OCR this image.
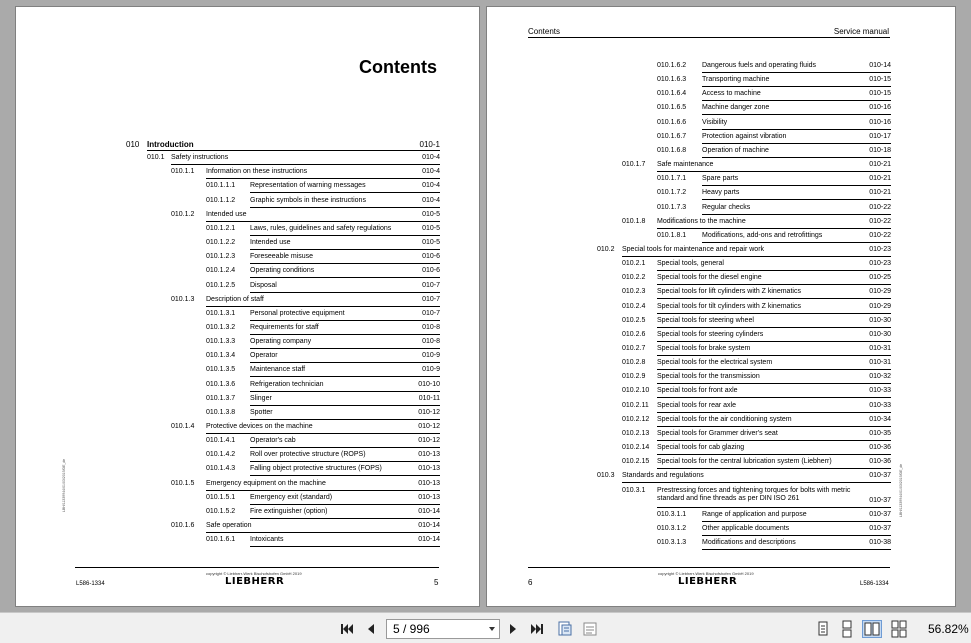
Contents
010 Introduction	010-1
010.1 Safety instructions	010-4
010.1.1 Information on these instructions	010-4
010.1.1.1 Representation of warning messages	010-4
010.1.1.2 Graphic symbols in these instructions	010-4
010.1.2 Intended use	010-5
010.1.2.1 Laws, rules, guidelines and safety regulations	010-5
010.1.2.2 Intended use	010-5
010.1.2.3 Foreseeable misuse	010-6
010.1.2.4 Operating conditions	010-6
010.1.2.5 Disposal	010-7
010.1.3 Description of staff	010-7
010.1.3.1 Personal protective equipment	010-7
010.1.3.2 Requirements for staff	010-8
010.1.3.3 Operating company	010-8
010.1.3.4 Operator	010-9
010.1.3.5 Maintenance staff	010-9
010.1.3.6 Refrigeration technician	010-10
010.1.3.7 Slinger	010-11
010.1.3.8 Spotter	010-12
010.1.4 Protective devices on the machine	010-12
010.1.4.1 Operator's cab	010-12
010.1.4.2 Roll over protective structure (ROPS)	010-13
010.1.4.3 Falling object protective structures (FOPS)	010-13
010.1.5 Emergency equipment on the machine	010-13
010.1.5.1 Emergency exit (standard)	010-13
010.1.5.2 Fire extinguisher (option)	010-14
010.1.6 Safe operation	010-14
010.1.6.1 Intoxicants	010-14
LBH/11339944/01/03/2019/DE_de
copyright © Liebherr-Werk Bischofshofen GmbH 2019
LIEBHERR
L586-1334	5
Contents	Service manual
010.1.6.2 Dangerous fuels and operating fluids	010-14
010.1.6.3 Transporting machine	010-15
010.1.6.4 Access to machine	010-15
010.1.6.5 Machine danger zone	010-16
010.1.6.6 Visibility	010-16
010.1.6.7 Protection against vibration	010-17
010.1.6.8 Operation of machine	010-18
010.1.7 Safe maintenance	010-21
010.1.7.1 Spare parts	010-21
010.1.7.2 Heavy parts	010-21
010.1.7.3 Regular checks	010-22
010.1.8 Modifications to the machine	010-22
010.1.8.1 Modifications, add-ons and retrofittings	010-22
010.2 Special tools for maintenance and repair work	010-23
010.2.1 Special tools, general	010-23
010.2.2 Special tools for the diesel engine	010-25
010.2.3 Special tools for lift cylinders with Z kinematics	010-29
010.2.4 Special tools for tilt cylinders with Z kinematics	010-29
010.2.5 Special tools for steering wheel	010-30
010.2.6 Special tools for steering cylinders	010-30
010.2.7 Special tools for brake system	010-31
010.2.8 Special tools for the electrical system	010-31
010.2.9 Special tools for the transmission	010-32
010.2.10 Special tools for front axle	010-33
010.2.11 Special tools for rear axle	010-33
010.2.12 Special tools for the air conditioning system	010-34
010.2.13 Special tools for Grammer driver's seat	010-35
010.2.14 Special tools for cab glazing	010-36
010.2.15 Special tools for the central lubrication system (Liebherr)	010-36
010.3 Standards and regulations	010-37
010.3.1 Prestressing forces and tightening torques for bolts with metric standard and fine threads as per DIN ISO 261	010-37
010.3.1.1 Range of application and purpose	010-37
010.3.1.2 Other applicable documents	010-37
010.3.1.3 Modifications and descriptions	010-38
LBH/11339944/01/03/2019/DE_de
copyright © Liebherr-Werk Bischofshofen GmbH 2019
LIEBHERR
6	L586-1334
5 / 996	56.82%
